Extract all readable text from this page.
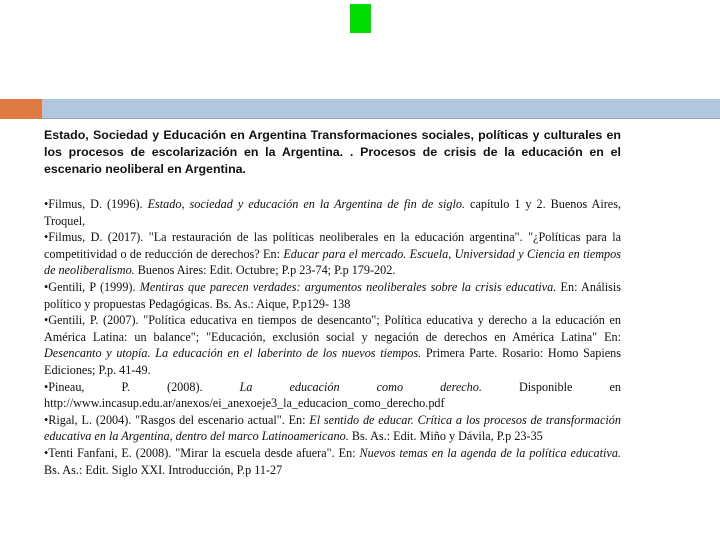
Estado, Sociedad y Educación en Argentina Transformaciones sociales, políticas y culturales en los procesos de escolarización en la Argentina. . Procesos de crisis de la educación en el escenario neoliberal en Argentina.

•Filmus, D. (1996). Estado, sociedad y educación en la Argentina de fin de siglo. capítulo 1 y 2. Buenos Aires, Troquel,

•Filmus, D. (2017). "La restauración de las políticas neoliberales en la educación argentina". "¿Políticas para la competitividad o de reducción de derechos? En: Educar para el mercado. Escuela, Universidad y Ciencia en tiempos de neoliberalismo. Buenos Aires: Edit. Octubre; P.p 23-74; P.p 179-202.

•Gentili, P (1999). Mentiras que parecen verdades: argumentos neoliberales sobre la crisis educativa. En: Análisis político y propuestas Pedagógicas. Bs. As.: Aique, P.p129- 138

•Gentili, P. (2007). "Política educativa en tiempos de desencanto"; Política educativa y derecho a la educación en América Latina: un balance"; "Educación, exclusión social y negación de derechos en América Latina" En: Desencanto y utopía. La educación en el laberinto de los nuevos tiempos. Primera Parte. Rosario: Homo Sapiens Ediciones; P.p. 41-49.

•Pineau, P. (2008). La educación como derecho. Disponible en http://www.incasup.edu.ar/anexos/ei_anexoeje3_la_educacion_como_derecho.pdf

•Rigal, L. (2004). "Rasgos del escenario actual". En: El sentido de educar. Crítica a los procesos de transformación educativa en la Argentina, dentro del marco Latinoamericano. Bs. As.: Edit. Miño y Dávila, P.p 23-35

•Tenti Fanfani, E. (2008). "Mirar la escuela desde afuera". En: Nuevos temas en la agenda de la política educativa. Bs. As.: Edit. Siglo XXI. Introducción, P.p 11-27
